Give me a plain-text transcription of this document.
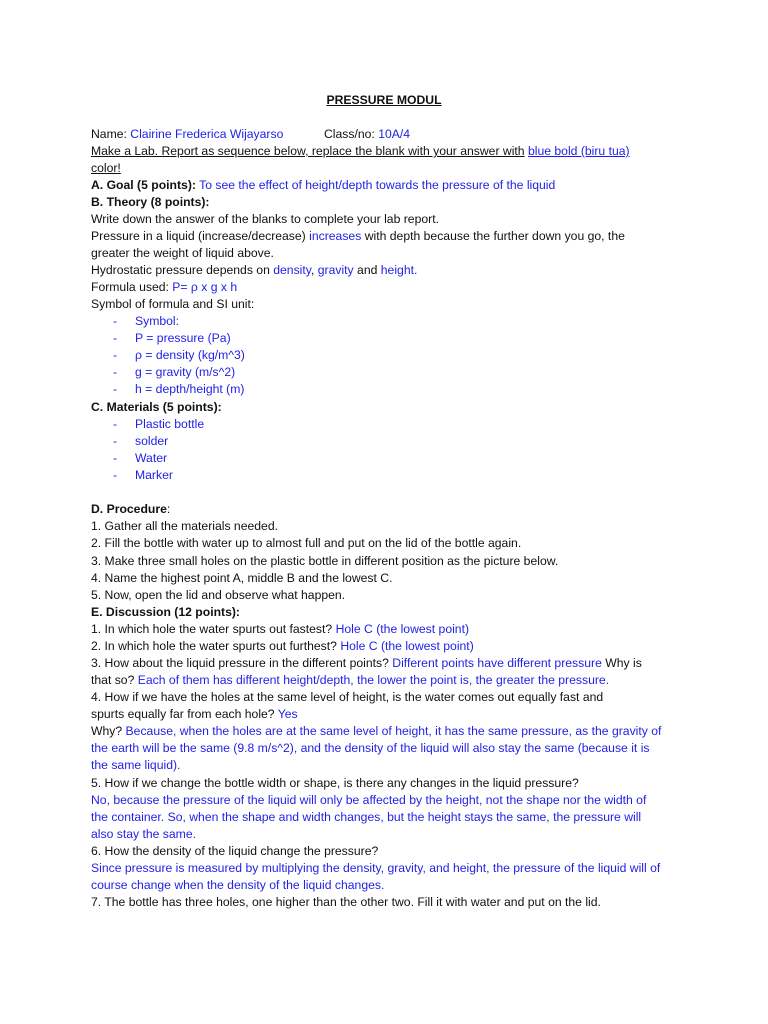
PRESSURE MODUL
Name: Clairine Frederica Wijayarso	Class/no: 10A/4
Make a Lab. Report as sequence below, replace the blank with your answer with blue bold (biru tua)
color!
A. Goal (5 points): To see the effect of height/depth towards the pressure of the liquid
B. Theory (8 points):
Write down the answer of the blanks to complete your lab report.
Pressure in a liquid (increase/decrease) increases with depth because the further down you go, the
greater the weight of liquid above.
Hydrostatic pressure depends on density, gravity and height.
Formula used: P= ρ x g x h
Symbol of formula and SI unit:
- Symbol:
- P = pressure (Pa)
- ρ = density (kg/m^3)
- g = gravity (m/s^2)
- h = depth/height (m)
C. Materials (5 points):
- Plastic bottle
- solder
- Water
- Marker
D. Procedure:
1. Gather all the materials needed.
2. Fill the bottle with water up to almost full and put on the lid of the bottle again.
3. Make three small holes on the plastic bottle in different position as the picture below.
4. Name the highest point A, middle B and the lowest C.
5. Now, open the lid and observe what happen.
E. Discussion (12 points):
1. In which hole the water spurts out fastest? Hole C (the lowest point)
2. In which hole the water spurts out furthest? Hole C (the lowest point)
3. How about the liquid pressure in the different points? Different points have different pressure Why is
that so? Each of them has different height/depth, the lower the point is, the greater the pressure.
4. How if we have the holes at the same level of height, is the water comes out equally fast and
spurts equally far from each hole? Yes
Why? Because, when the holes are at the same level of height, it has the same pressure, as the gravity of
the earth will be the same (9.8 m/s^2), and the density of the liquid will also stay the same (because it is
the same liquid).
5. How if we change the bottle width or shape, is there any changes in the liquid pressure?
No, because the pressure of the liquid will only be affected by the height, not the shape nor the width of
the container. So, when the shape and width changes, but the height stays the same, the pressure will
also stay the same.
6. How the density of the liquid change the pressure?
Since pressure is measured by multiplying the density, gravity, and height, the pressure of the liquid will of
course change when the density of the liquid changes.
7. The bottle has three holes, one higher than the other two. Fill it with water and put on the lid.
